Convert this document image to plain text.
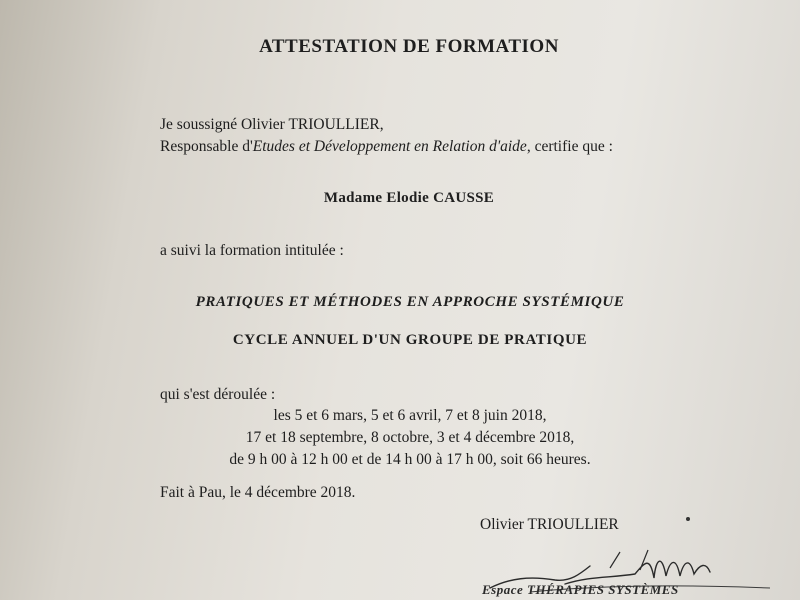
ATTESTATION DE FORMATION
Je soussigné Olivier TRIOULLIER,
Responsable d'Etudes et Développement en Relation d'aide, certifie que :
Madame Elodie CAUSSE
a suivi la formation intitulée :
PRATIQUES ET MÉTHODES EN APPROCHE SYSTÉMIQUE
CYCLE ANNUEL D'UN GROUPE DE PRATIQUE
qui s'est déroulée :
les 5 et 6 mars, 5 et 6 avril, 7 et 8 juin 2018,
17 et 18 septembre, 8 octobre, 3 et 4 décembre 2018,
de 9 h 00 à 12 h 00 et de 14 h 00 à 17 h 00, soit 66 heures.
Fait à Pau, le 4 décembre 2018.
Olivier TRIOULLIER
Espace THÉRAPIES SYSTÈMES
